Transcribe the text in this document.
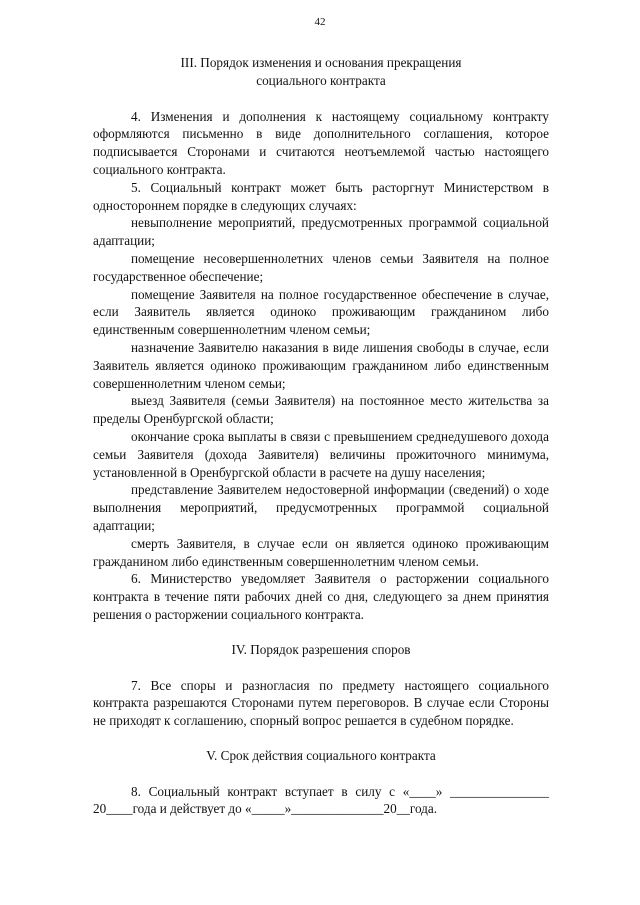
42
III. Порядок изменения и основания прекращения
социального контракта

4. Изменения и дополнения к настоящему социальному контракту оформляются письменно в виде дополнительного соглашения, которое подписывается Сторонами и считаются неотъемлемой частью настоящего социального контракта.

5. Социальный контракт может быть расторгнут Министерством в одностороннем порядке в следующих случаях:

невыполнение мероприятий, предусмотренных программой социальной адаптации;

помещение несовершеннолетних членов семьи Заявителя на полное государственное обеспечение;

помещение Заявителя на полное государственное обеспечение в случае, если Заявитель является одиноко проживающим гражданином либо единственным совершеннолетним членом семьи;

назначение Заявителю наказания в виде лишения свободы в случае, если Заявитель является одиноко проживающим гражданином либо единственным совершеннолетним членом семьи;

выезд Заявителя (семьи Заявителя) на постоянное место жительства за пределы Оренбургской области;

окончание срока выплаты в связи с превышением среднедушевого дохода семьи Заявителя (дохода Заявителя) величины прожиточного минимума, установленной в Оренбургской области в расчете на душу населения;

представление Заявителем недостоверной информации (сведений) о ходе выполнения мероприятий, предусмотренных программой социальной адаптации;

смерть Заявителя, в случае если он является одиноко проживающим гражданином либо единственным совершеннолетним членом семьи.

6. Министерство уведомляет Заявителя о расторжении социального контракта в течение пяти рабочих дней со дня, следующего за днем принятия решения о расторжении социального контракта.

IV. Порядок разрешения споров

7. Все споры и разногласия по предмету настоящего социального контракта разрешаются Сторонами путем переговоров. В случае если Стороны не приходят к соглашению, спорный вопрос решается в судебном порядке.

V. Срок действия социального контракта

8. Социальный контракт вступает в силу с «____» _______________ 20____года и действует до «_____»______________20__года.
